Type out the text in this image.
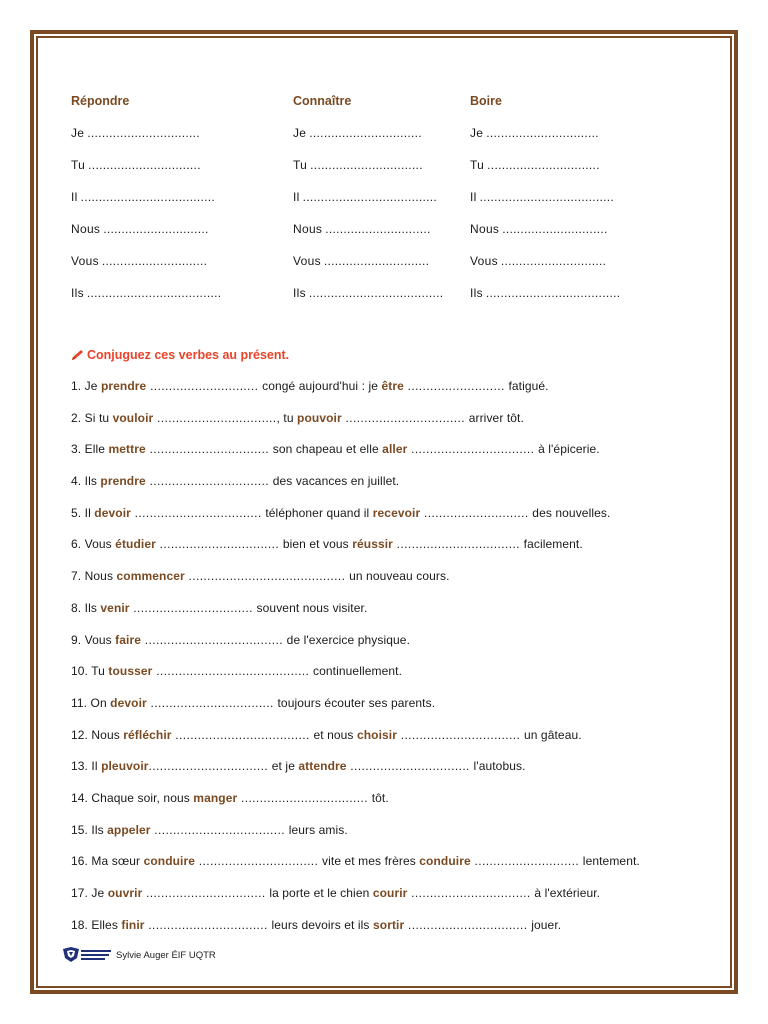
Répondre
Je ...............................
Tu ...............................
Il .....................................
Nous .............................
Vous .............................
Ils .....................................
Connaître
Je ...............................
Tu ...............................
Il .....................................
Nous .............................
Vous .............................
Ils .....................................
Boire
Je ...............................
Tu ...............................
Il .....................................
Nous .............................
Vous .............................
Ils .....................................
Conjuguez ces verbes au présent.
1. Je prendre ............................. congé aujourd'hui : je être .......................... fatigué.
2. Si tu vouloir ................................, tu pouvoir ................................ arriver tôt.
3. Elle mettre ................................ son chapeau et elle aller ................................. à l'épicerie.
4. Ils prendre ................................ des vacances en juillet.
5. Il devoir .................................. téléphoner quand il recevoir ............................ des nouvelles.
6. Vous étudier ................................ bien et vous réussir ................................. facilement.
7. Nous commencer .......................................... un nouveau cours.
8. Ils venir ................................ souvent nous visiter.
9. Vous faire ..................................... de l'exercice physique.
10. Tu tousser ......................................... continuellement.
11. On devoir ................................. toujours écouter ses parents.
12. Nous réfléchir .................................... et nous choisir ................................ un gâteau.
13. Il pleuvoir................................ et je attendre ................................ l'autobus.
14. Chaque soir, nous manger .................................. tôt.
15. Ils appeler ................................... leurs amis.
16. Ma sœur conduire ................................ vite et mes frères conduire ............................ lentement.
17. Je ouvrir ................................ la porte et le chien courir ................................ à l'extérieur.
18. Elles finir ................................ leurs devoirs et ils sortir ................................ jouer.
Sylvie Auger ÉIF UQTR
